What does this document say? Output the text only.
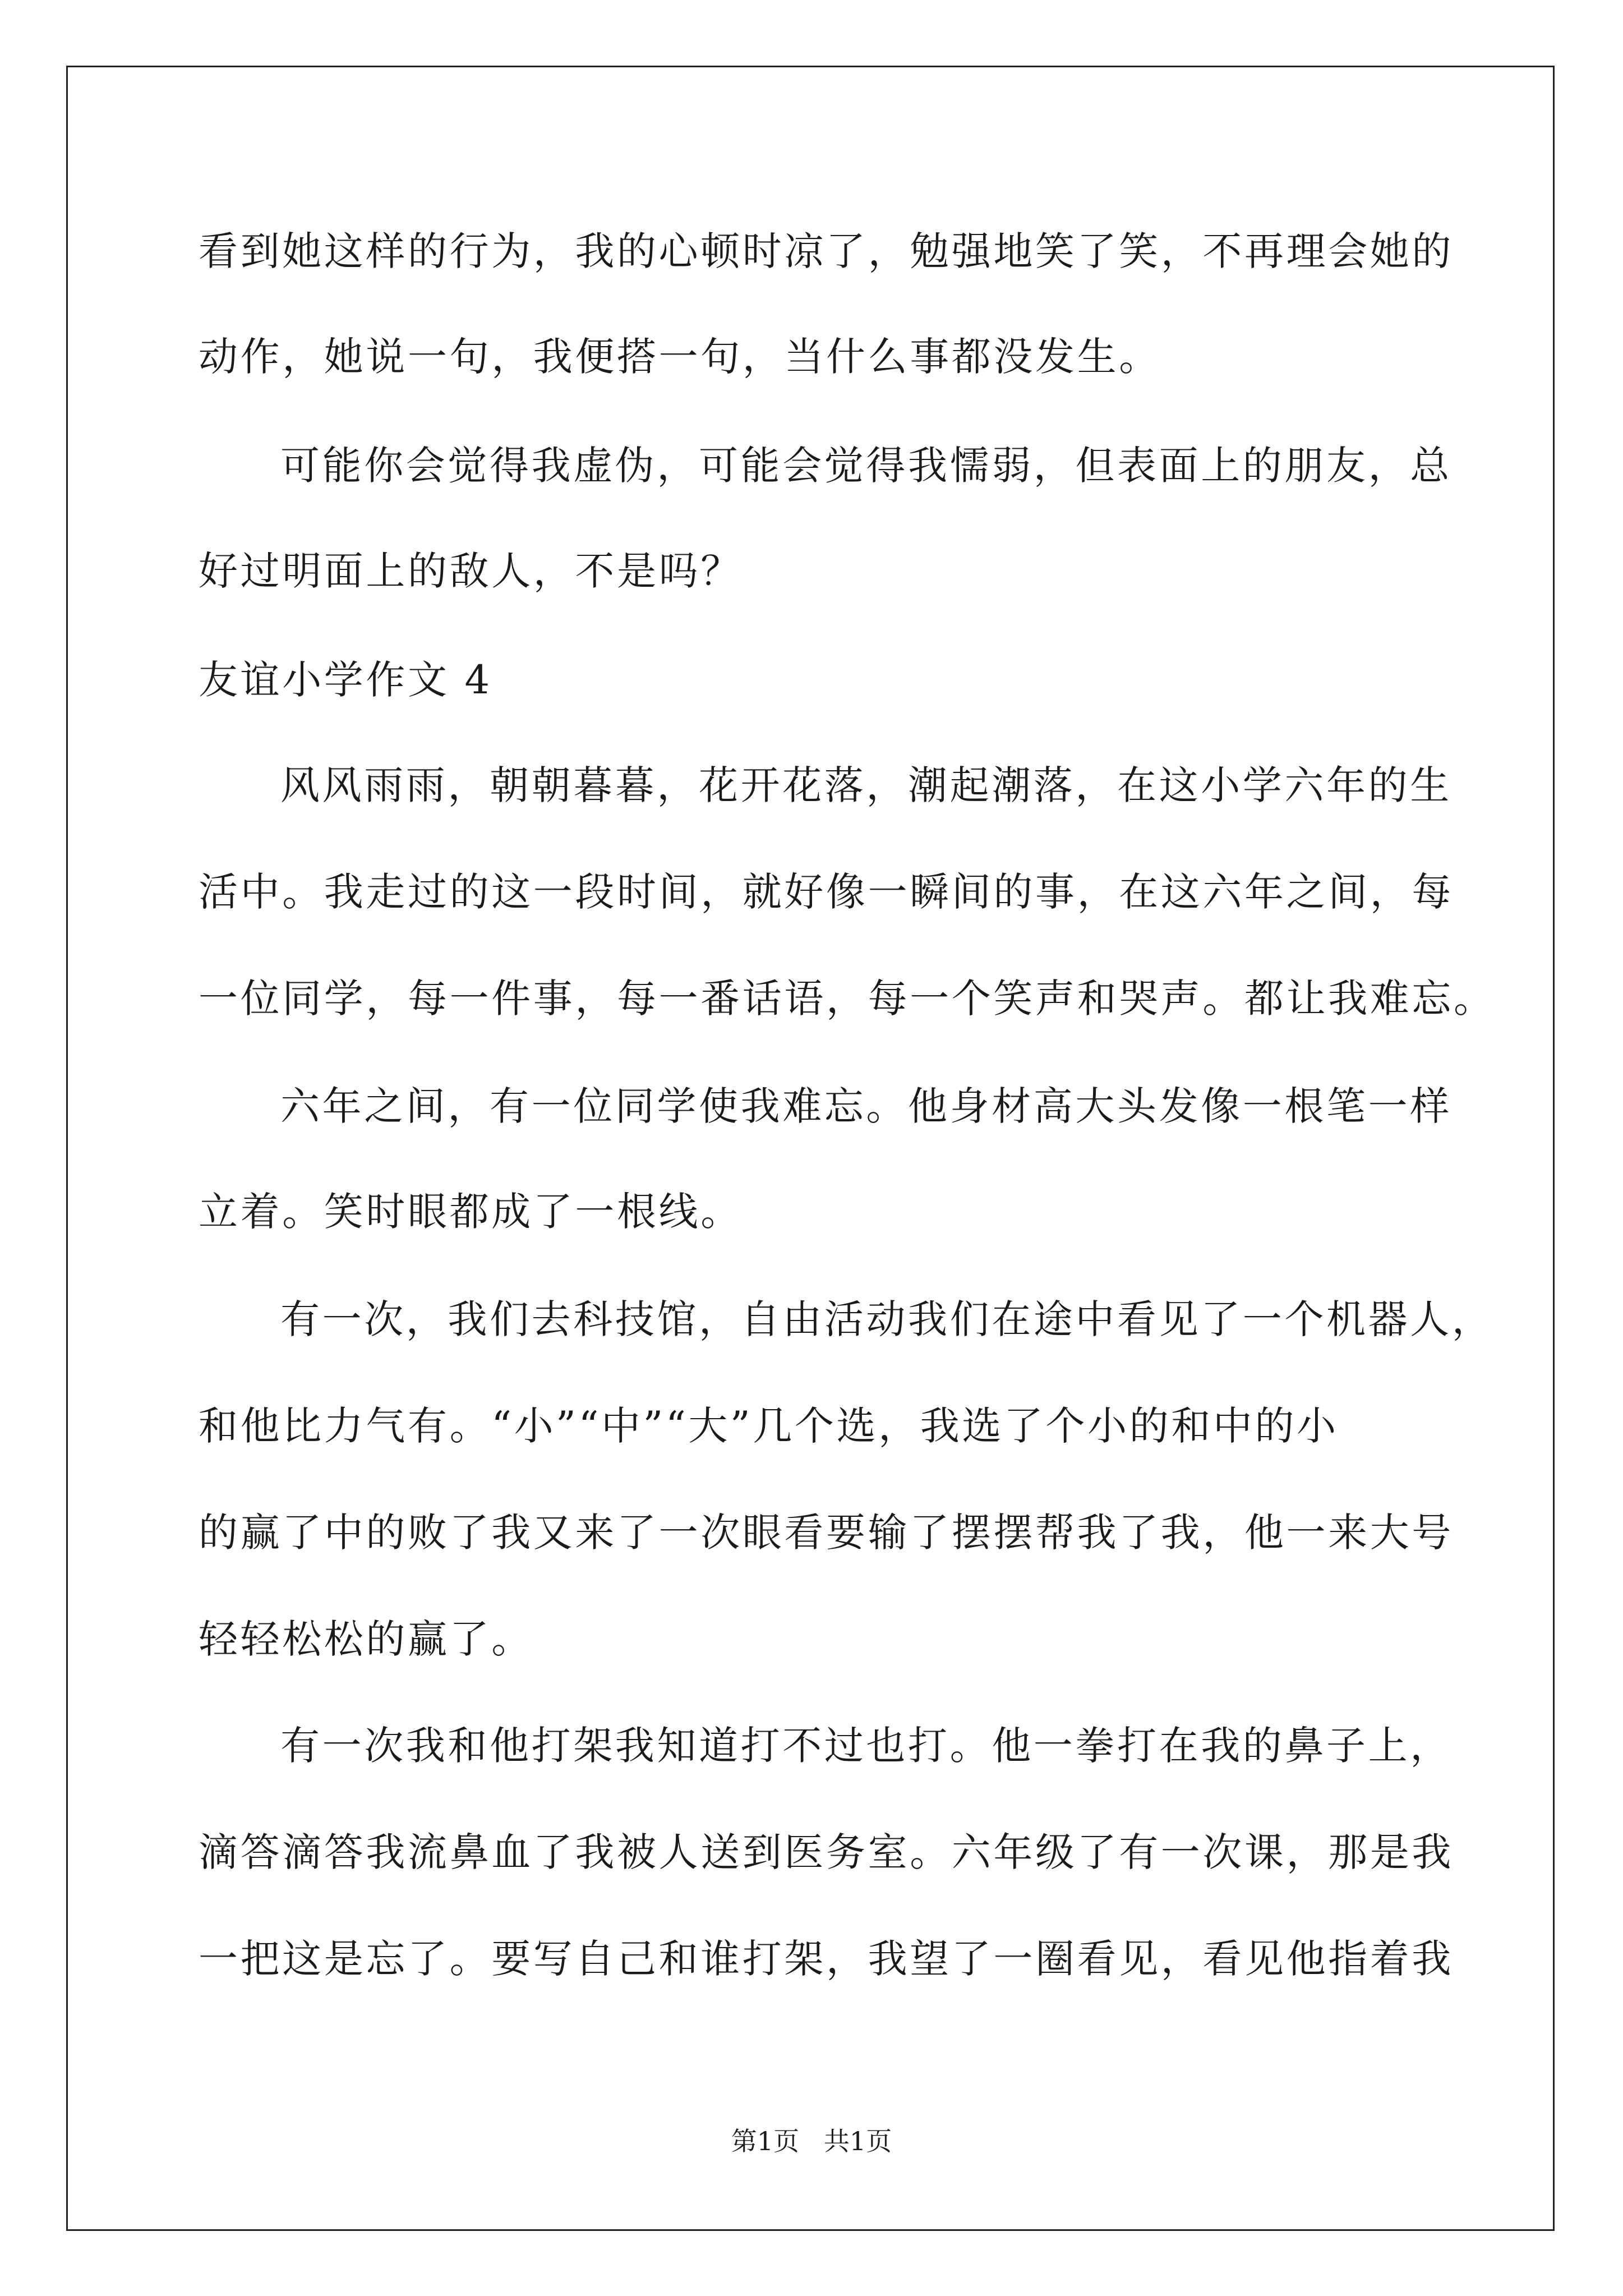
看到她这样的行为，我的心顿时凉了，勉强地笑了笑，不再理会她的
动作，她说一句，我便搭一句，当什么事都没发生。
可能你会觉得我虚伪，可能会觉得我懦弱，但表面上的朋友，总
好过明面上的敌人，不是吗？
友谊小学作文 4
风风雨雨，朝朝暮暮，花开花落，潮起潮落，在这小学六年的生
活中。我走过的这一段时间，就好像一瞬间的事，在这六年之间，每
一位同学，每一件事，每一番话语，每一个笑声和哭声。都让我难忘。
六年之间，有一位同学使我难忘。他身材高大头发像一根笔一样
立着。笑时眼都成了一根线。
有一次，我们去科技馆，自由活动我们在途中看见了一个机器人，
和他比力气有。“小”“中”“大”几个选，我选了个小的和中的小
的赢了中的败了我又来了一次眼看要输了摆摆帮我了我，他一来大号
轻轻松松的赢了。
有一次我和他打架我知道打不过也打。他一拳打在我的鼻子上，
滴答滴答我流鼻血了我被人送到医务室。六年级了有一次课，那是我
一把这是忘了。要写自己和谁打架，我望了一圈看见，看见他指着我
第1页   共1页
